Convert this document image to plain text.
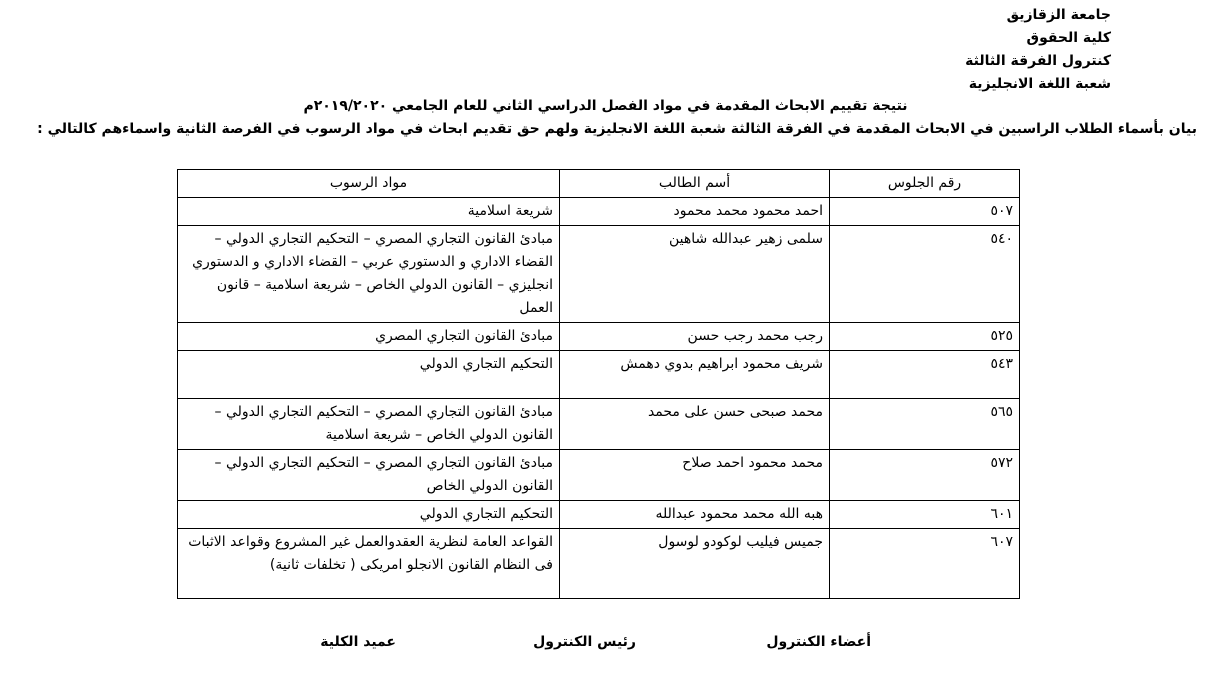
جامعة الزقازيق
كلية الحقوق
كنترول الفرقة الثالثة
شعبة اللغة الانجليزية
نتيجة تقييم الابحاث المقدمة في مواد الفصل الدراسي الثاني للعام الجامعي ٢٠١٩/٢٠٢٠م
بيان بأسماء الطلاب الراسبين في الابحاث المقدمة في الفرقة الثالثة شعبة اللغة الانجليزية ولهم حق تقديم ابحاث في مواد الرسوب في الفرصة الثانية واسماءهم كالتالي :
رقم الجلوس	أسم الطالب	مواد الرسوب
٥٠٧	احمد محمود محمد محمود	شريعة اسلامية
٥٤٠	سلمى زهير عبدالله شاهين	مبادئ القانون التجاري المصري – التحكيم التجاري الدولي – القضاء الاداري و الدستوري عربي – القضاء الاداري و الدستوري انجليزي – القانون الدولي الخاص – شريعة اسلامية – قانون العمل
٥٢٥	رجب محمد رجب حسن	مبادئ القانون التجاري المصري
٥٤٣	شريف محمود ابراهيم بدوي دهمش	التحكيم التجاري الدولي
٥٦٥	محمد صبحى حسن على محمد	مبادئ القانون التجاري المصري – التحكيم التجاري الدولي – القانون الدولي الخاص – شريعة اسلامية
٥٧٢	محمد محمود احمد صلاح	مبادئ القانون التجاري المصري – التحكيم التجاري الدولي – القانون الدولي الخاص
٦٠١	هبه الله محمد محمود عبدالله	التحكيم التجاري الدولي
٦٠٧	جميس فيليب لوكودو لوسول	القواعد العامة لنظرية العقدوالعمل غير المشروع وقواعد الاثبات فى النظام القانون الانجلو امريكى ( تخلفات ثانية)
أعضاء الكنترول
رئيس الكنترول
عميد الكلية
